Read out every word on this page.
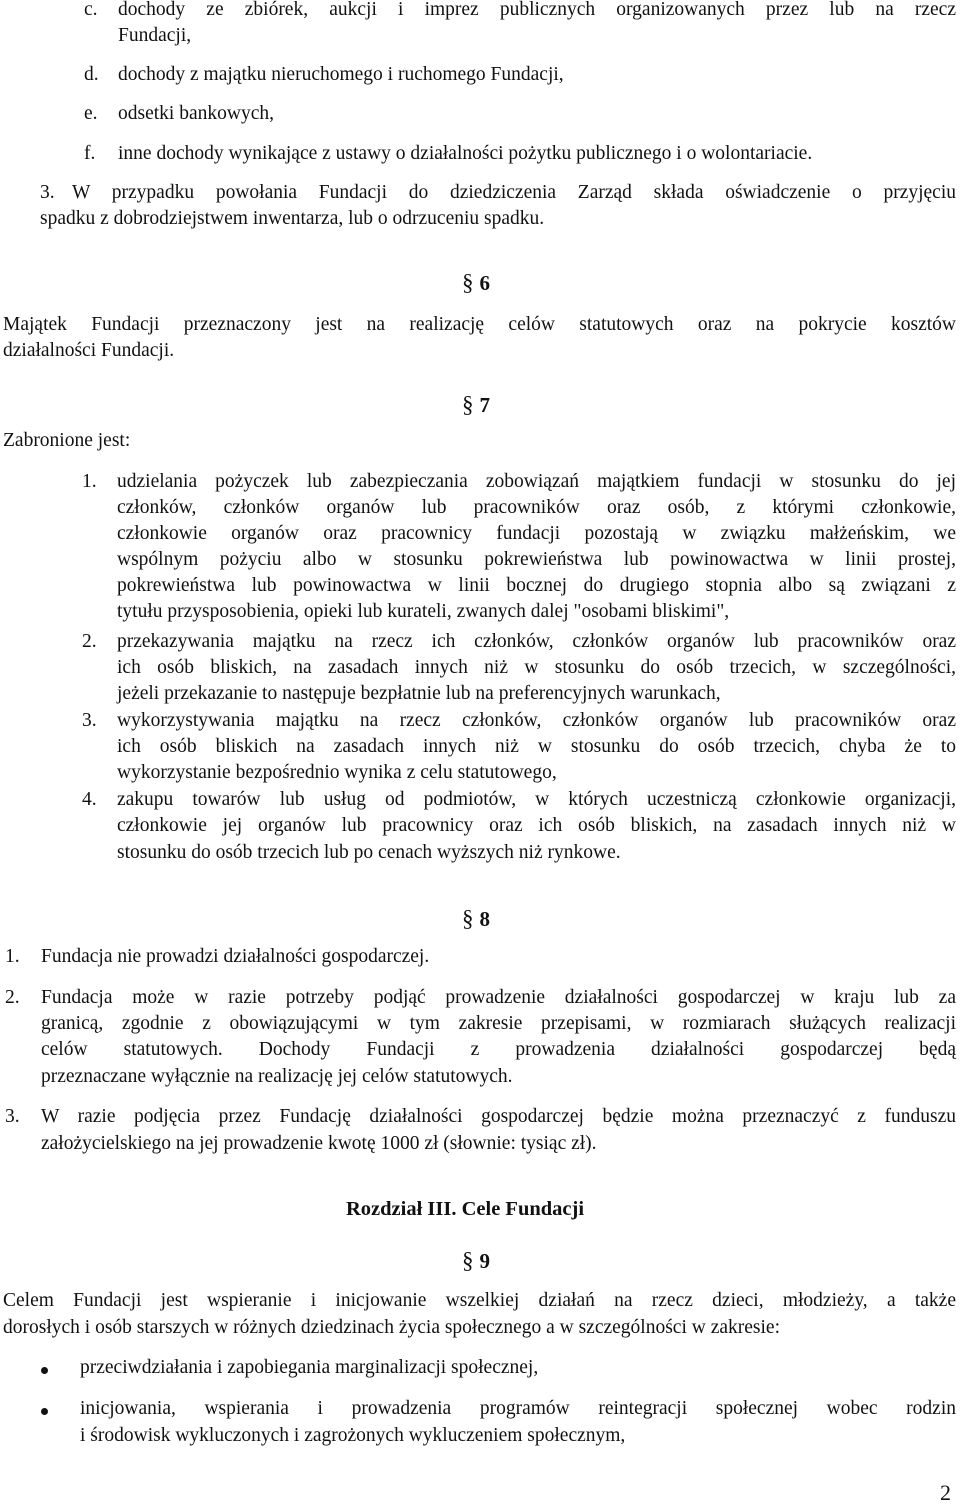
c. dochody ze zbiórek, aukcji i imprez publicznych organizowanych przez lub na rzecz
Fundacji,
d. dochody z majątku nieruchomego i ruchomego Fundacji,
e. odsetki bankowych,
f. inne dochody wynikające z ustawy o działalności pożytku publicznego i o wolontariacie.
3. W przypadku powołania Fundacji do dziedziczenia Zarząd składa oświadczenie o przyjęciu
spadku z dobrodziejstwem inwentarza, lub o odrzuceniu spadku.
§ 6
Majątek Fundacji przeznaczony jest na realizację celów statutowych oraz na pokrycie kosztów
działalności Fundacji.
§ 7
Zabronione jest:
1. udzielania pożyczek lub zabezpieczania zobowiązań majątkiem fundacji w stosunku do jej
członków, członków organów lub pracowników oraz osób, z którymi członkowie,
członkowie organów oraz pracownicy fundacji pozostają w związku małżeńskim, we
wspólnym pożyciu albo w stosunku pokrewieństwa lub powinowactwa w linii prostej,
pokrewieństwa lub powinowactwa w linii bocznej do drugiego stopnia albo są związani z
tytułu przysposobienia, opieki lub kurateli, zwanych dalej "osobami bliskimi",
2. przekazywania majątku na rzecz ich członków, członków organów lub pracowników oraz
ich osób bliskich, na zasadach innych niż w stosunku do osób trzecich, w szczególności,
jeżeli przekazanie to następuje bezpłatnie lub na preferencyjnych warunkach,
3. wykorzystywania majątku na rzecz członków, członków organów lub pracowników oraz
ich osób bliskich na zasadach innych niż w stosunku do osób trzecich, chyba że to
wykorzystanie bezpośrednio wynika z celu statutowego,
4. zakupu towarów lub usług od podmiotów, w których uczestniczą członkowie organizacji,
członkowie jej organów lub pracownicy oraz ich osób bliskich, na zasadach innych niż w
stosunku do osób trzecich lub po cenach wyższych niż rynkowe.
§ 8
1. Fundacja nie prowadzi działalności gospodarczej.
2. Fundacja może w razie potrzeby podjąć prowadzenie działalności gospodarczej w kraju lub za
granicą, zgodnie z obowiązującymi w tym zakresie przepisami, w rozmiarach służących realizacji
celów statutowych. Dochody Fundacji z prowadzenia działalności gospodarczej będą
przeznaczane wyłącznie na realizację jej celów statutowych.
3. W razie podjęcia przez Fundację działalności gospodarczej będzie można przeznaczyć z funduszu
założycielskiego na jej prowadzenie kwotę 1000 zł (słownie: tysiąc zł).
Rozdział III. Cele Fundacji
§ 9
Celem Fundacji jest wspieranie i inicjowanie wszelkiej działań na rzecz dzieci, młodzieży, a także
dorosłych i osób starszych w różnych dziedzinach życia społecznego a w szczególności w zakresie:
przeciwdziałania i zapobiegania marginalizacji społecznej,
inicjowania, wspierania i prowadzenia programów reintegracji społecznej wobec rodzin
i środowisk wykluczonych i zagrożonych wykluczeniem społecznym,
2
